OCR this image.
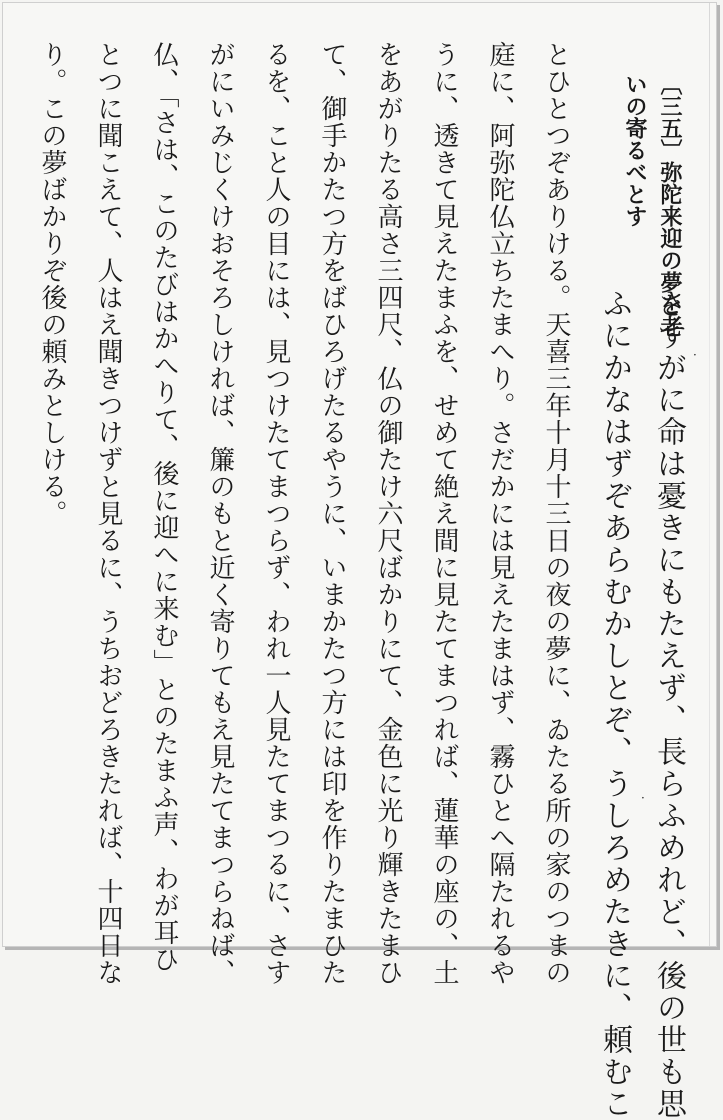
〔三五〕弥陀来迎の夢を老
いの寄るべとす
さすがに命は憂きにもたえず、長らふめれど、後の世も思
ふにかなはずぞあらむかしとぞ、うしろめたきに、頼むこ
とひとつぞありける。天喜三年十月十三日の夜の夢に、ゐたる所の家のつまの
庭に、阿弥陀仏立ちたまへり。さだかには見えたまはず、霧ひとへ隔たれるや
うに、透きて見えたまふを、せめて絶え間に見たてまつれば、蓮華の座の、土
をあがりたる高さ三四尺、仏の御たけ六尺ばかりにて、金色に光り輝きたまひ
て、御手かたつ方をばひろげたるやうに、いまかたつ方には印を作りたまひた
るを、こと人の目には、見つけたてまつらず、われ一人見たてまつるに、さす
がにいみじくけおそろしければ、簾のもと近く寄りてもえ見たてまつらねば、
仏、「さは、このたびはかへりて、後に迎へに来む」とのたまふ声、わが耳ひ
とつに聞こえて、人はえ聞きつけずと見るに、うちおどろきたれば、十四日な
り。この夢ばかりぞ後の頼みとしける。	·
·
